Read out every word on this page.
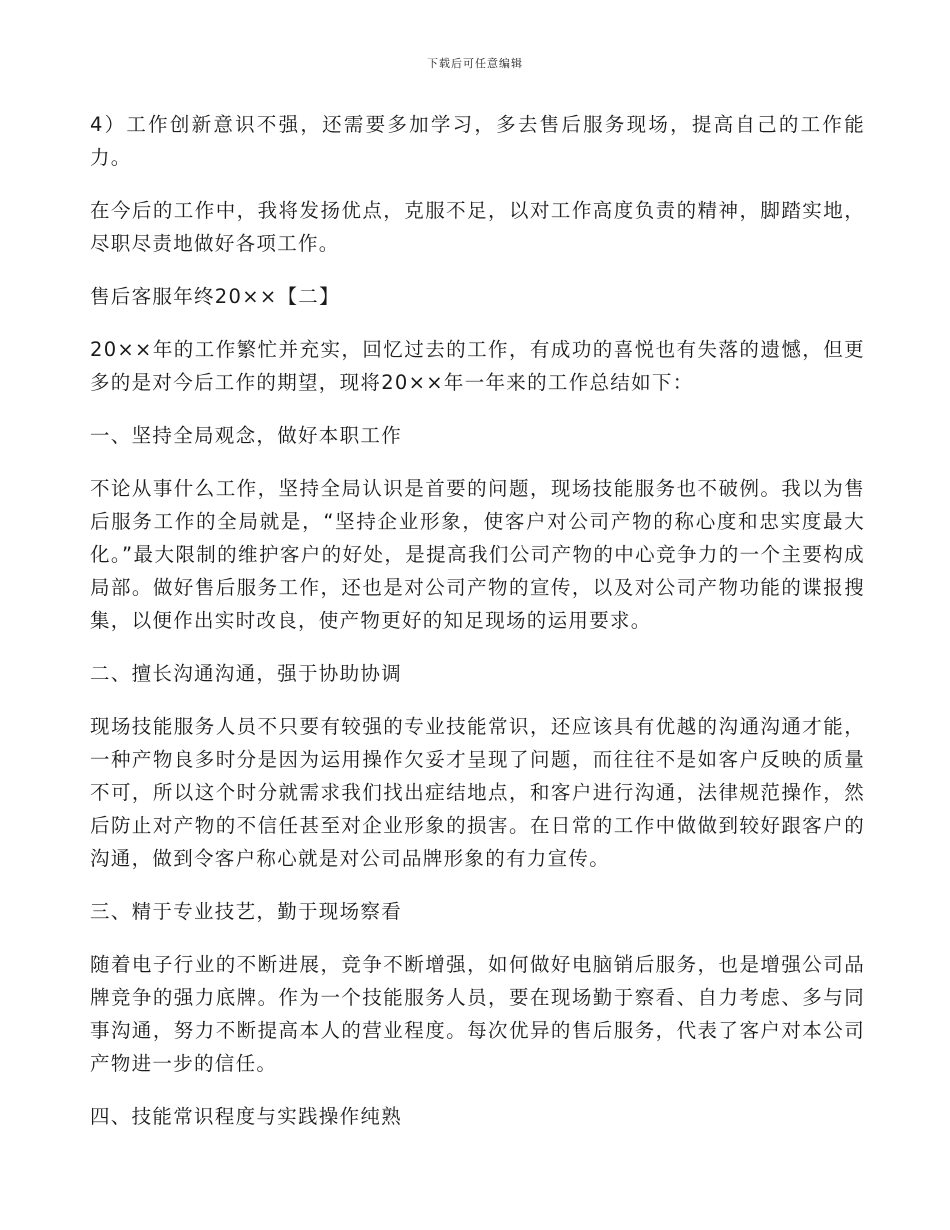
下载后可任意编辑

4）工作创新意识不强，还需要多加学习，多去售后服务现场，提高自己的工作能力。

在今后的工作中，我将发扬优点，克服不足，以对工作高度负责的精神，脚踏实地，尽职尽责地做好各项工作。

售后客服年终20××【二】

20××年的工作繁忙并充实，回忆过去的工作，有成功的喜悦也有失落的遗憾，但更多的是对今后工作的期望，现将20××年一年来的工作总结如下：

一、坚持全局观念，做好本职工作

不论从事什么工作，坚持全局认识是首要的问题，现场技能服务也不破例。我以为售后服务工作的全局就是，“坚持企业形象，使客户对公司产物的称心度和忠实度最大化。”最大限制的维护客户的好处，是提高我们公司产物的中心竞争力的一个主要构成局部。做好售后服务工作，还也是对公司产物的宣传，以及对公司产物功能的谍报搜集，以便作出实时改良，使产物更好的知足现场的运用要求。

二、擅长沟通沟通，强于协助协调

现场技能服务人员不只要有较强的专业技能常识，还应该具有优越的沟通沟通才能，一种产物良多时分是因为运用操作欠妥才呈现了问题，而往往不是如客户反映的质量不可，所以这个时分就需求我们找出症结地点，和客户进行沟通，法律规范操作，然后防止对产物的不信任甚至对企业形象的损害。在日常的工作中做做到较好跟客户的沟通，做到令客户称心就是对公司品牌形象的有力宣传。

三、精于专业技艺，勤于现场察看

随着电子行业的不断进展，竞争不断增强，如何做好电脑销后服务，也是增强公司品牌竞争的强力底牌。作为一个技能服务人员，要在现场勤于察看、自力考虑、多与同事沟通，努力不断提高本人的营业程度。每次优异的售后服务，代表了客户对本公司产物进一步的信任。

四、技能常识程度与实践操作纯熟
